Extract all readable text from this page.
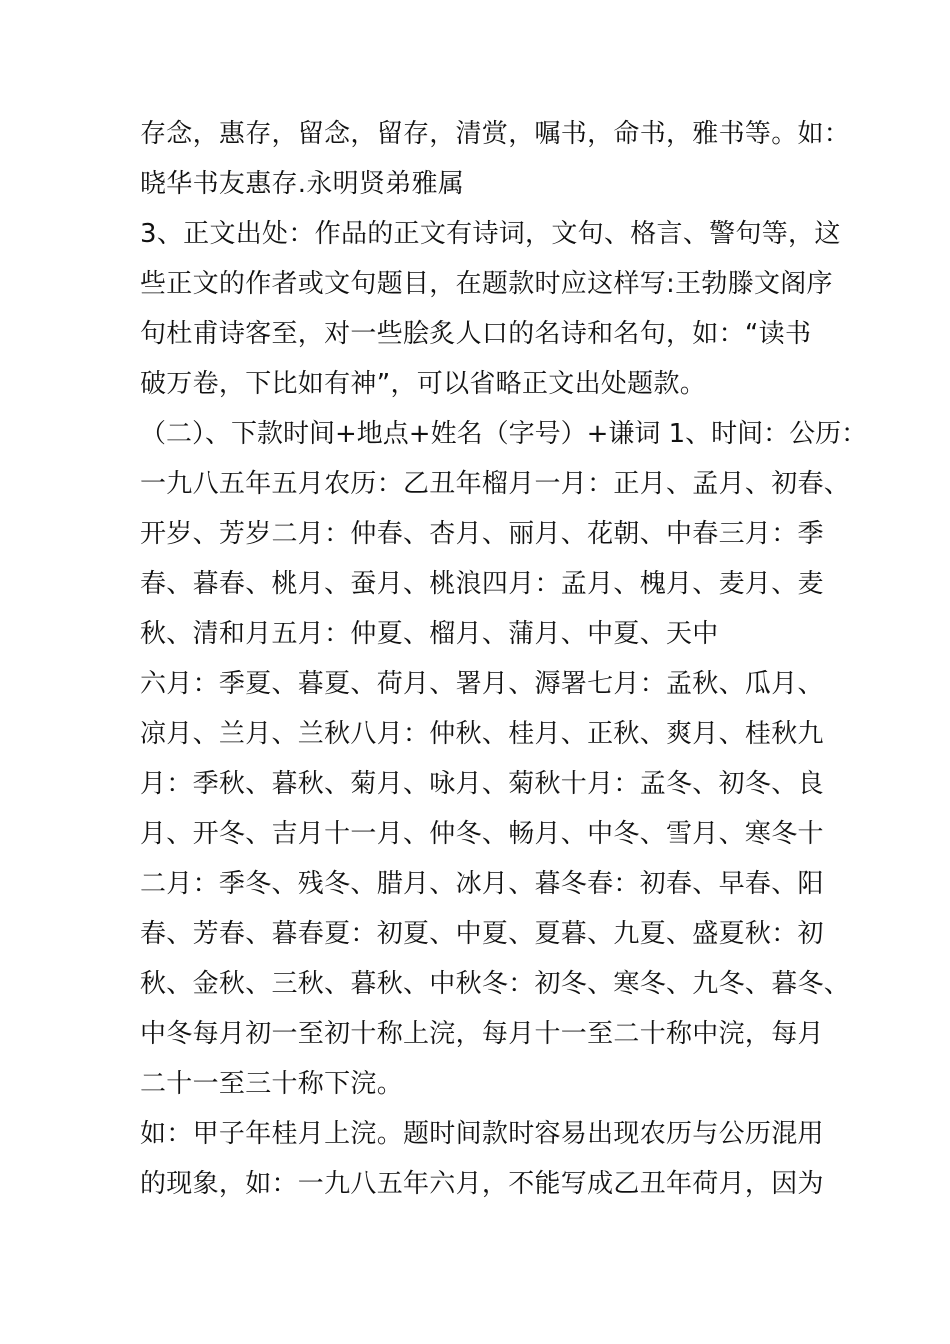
存念，惠存，留念，留存，清赏，嘱书，命书，雅书等。如：
晓华书友惠存.永明贤弟雅属
3、正文出处：作品的正文有诗词，文句、格言、警句等，这
些正文的作者或文句题目，在题款时应这样写:王勃滕文阁序
句杜甫诗客至，对一些脍炙人口的名诗和名句，如：“读书
破万卷，下比如有神”，可以省略正文出处题款。
（二）、下款时间+地点+姓名（字号）+谦词 1、时间：公历：
一九八五年五月农历：乙丑年榴月一月：正月、孟月、初春、
开岁、芳岁二月：仲春、杏月、丽月、花朝、中春三月：季
春、暮春、桃月、蚕月、桃浪四月：孟月、槐月、麦月、麦
秋、清和月五月：仲夏、榴月、蒲月、中夏、天中
六月：季夏、暮夏、荷月、署月、溽署七月：孟秋、瓜月、
凉月、兰月、兰秋八月：仲秋、桂月、正秋、爽月、桂秋九
月：季秋、暮秋、菊月、咏月、菊秋十月：孟冬、初冬、良
月、开冬、吉月十一月、仲冬、畅月、中冬、雪月、寒冬十
二月：季冬、残冬、腊月、冰月、暮冬春：初春、早春、阳
春、芳春、暮春夏：初夏、中夏、夏暮、九夏、盛夏秋：初
秋、金秋、三秋、暮秋、中秋冬：初冬、寒冬、九冬、暮冬、
中冬每月初一至初十称上浣，每月十一至二十称中浣，每月
二十一至三十称下浣。
如：甲子年桂月上浣。题时间款时容易出现农历与公历混用
的现象，如：一九八五年六月，不能写成乙丑年荷月，因为
